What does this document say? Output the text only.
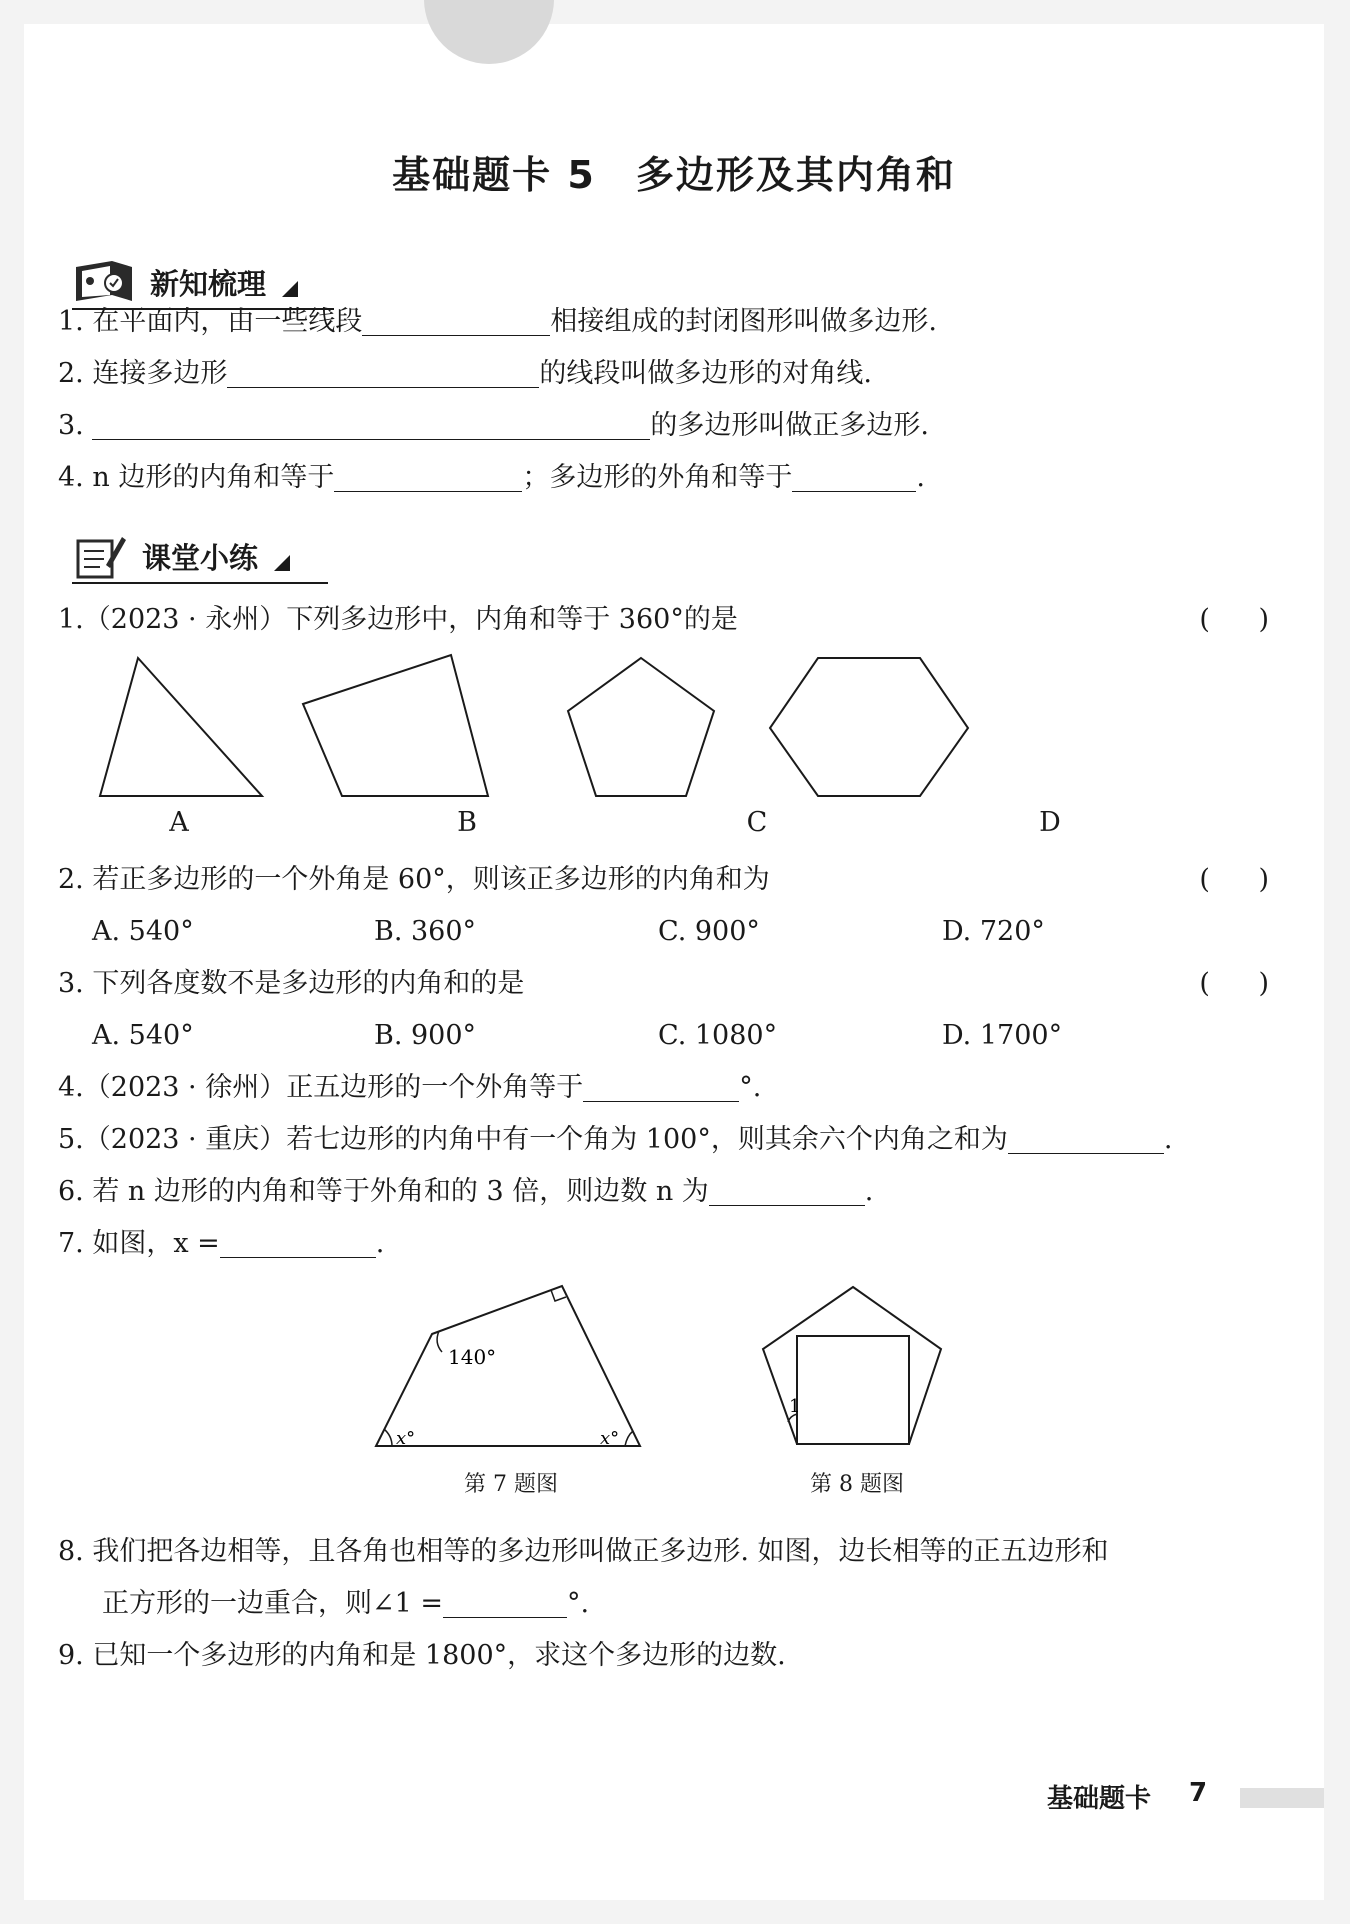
基础题卡 5 多边形及其内角和
新知梳理
1. 在平面内，由一些线段	相接组成的封闭图形叫做多边形.
2. 连接多边形	的线段叫做多边形的对角线.
3.	的多边形叫做正多边形.
4. n 边形的内角和等于	；多边形的外角和等于	.
课堂小练
1.（2023 · 永州）下列多边形中，内角和等于 360°的是	( )
A	B	C	D
2. 若正多边形的一个外角是 60°，则该正多边形的内角和为	( )
A. 540°	B. 360°	C. 900°	D. 720°
3. 下列各度数不是多边形的内角和的是	( )
A. 540°	B. 900°	C. 1080°	D. 1700°
4.（2023 · 徐州）正五边形的一个外角等于	°.
5.（2023 · 重庆）若七边形的内角中有一个角为 100°，则其余六个内角之和为	.
6. 若 n 边形的内角和等于外角和的 3 倍，则边数 n 为	.
7. 如图，x =	.
140°
x°	x°
1
第 7 题图	第 8 题图
8. 我们把各边相等，且各角也相等的多边形叫做正多边形. 如图，边长相等的正五边形和
正方形的一边重合，则∠1 =	°.
9. 已知一个多边形的内角和是 1800°，求这个多边形的边数.
基础题卡 7
